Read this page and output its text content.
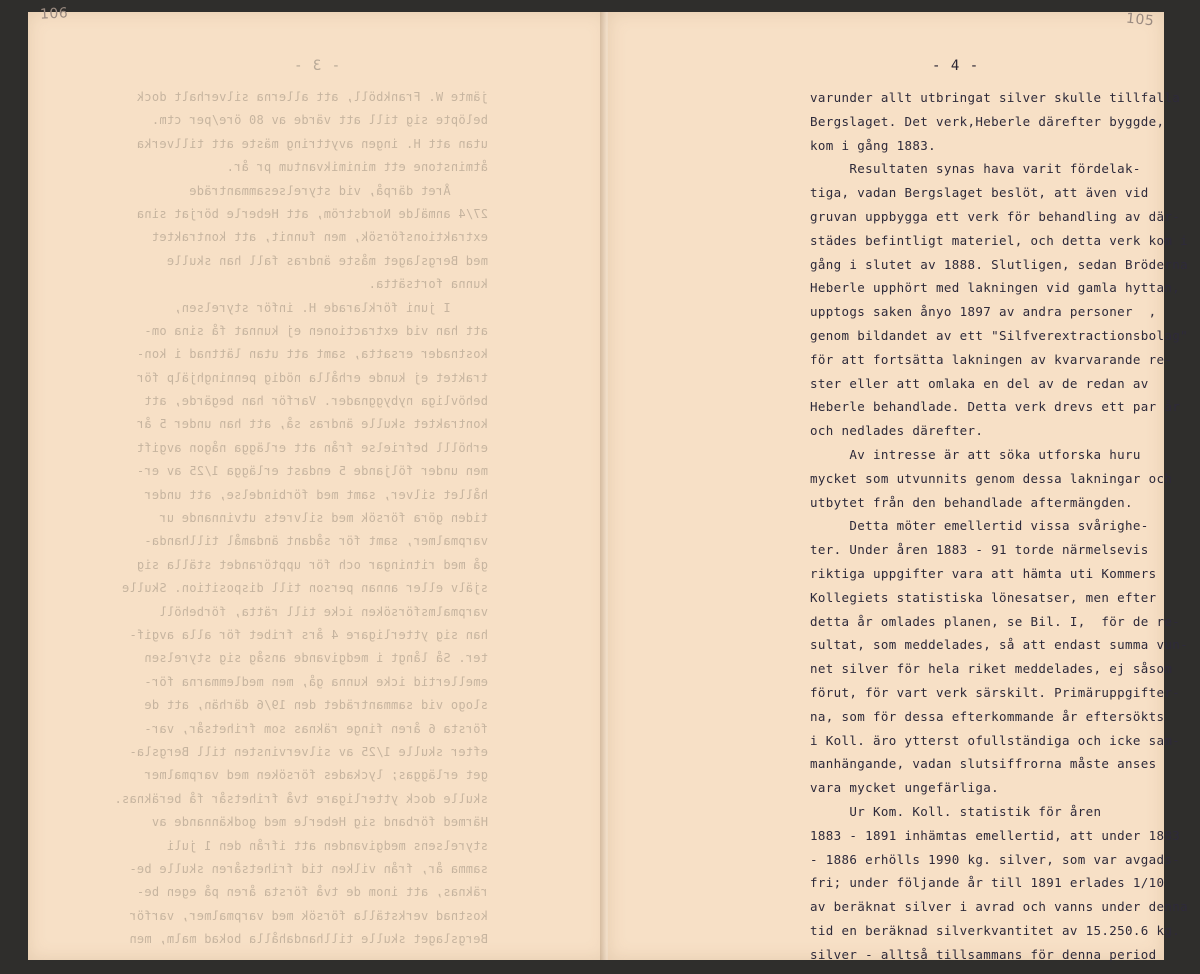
- 3 -
jämte W. Frankböll, att allerna silverhalt dock
belöpte sig till att värde av 80 öre/per ctm.
utan att H. ingen avyttring mäste att tillverka
åtminstone ett minimikvantum pr år.
Året därpå, vid styrelsesammanträde
27/4 anmälde Nordström, att Heberle börjat sina
extraktionsförsök, men funnit, att kontraktet
med Bergslaget måste ändras fall han skulle
kunna fortsätta.
I juni förklarade H. inför styrelsen,
att han vid extractionen ej kunnat få sina om-
kostnader ersatta, samt att utan lättnad i kon-
traktet ej kunde erhålla nödig penninghjälp för
behövliga nybyggnader. Varför han begärde, att
kontraktet skulle ändras så, att han under 5 år
erhölll befrielse från att erlägga någon avgift
men under följande 5 endast erlägga 1/25 av er-
hållet silver, samt med förbindelse, att under
tiden göra försök med silvrets utvinnande ur
varpmalmer, samt för sådant ändamål tillhanda-
gå med ritningar och för upptörandet ställa sig
själv eller annan person till disposition. Skulle
varpmalmsförsöken icke till rätta, förbehöll
han sig ytterligare 4 års fribet för alla avgif-
ter. Så långt i medgivande ansåg sig styrelsen
emellertid icke kunna gå, men medlemmarna för-
slogo vid sammanträdet den 19/6 därhän, att de
första 6 åren finge räknas som frihetsår, var-
efter skulle 1/25 av silvervinsten till Bergsla-
get erläggas; lyckades försöken med varpmalmer
skulle dock ytterligare två frihetsår få beräknas.
Härmed förband sig Heberle med godkännande av
styrelsens medgivanden att ifrån den 1 juli
samma år, från vilken tid frihetsåren skulle be-
räknas, att inom de två första åren på egen be-
kostnad verkställa försök med varpmalmer, varför
Bergslaget skulle tillhandahålla bokad malm, men
- 4 -
varunder allt utbringat silver skulle tillfalla
Bergslaget. Det verk,Heberle därefter byggde,
kom i gång 1883.
Resultaten synas hava varit fördelak-
tiga, vadan Bergslaget beslöt, att även vid
gruvan uppbygga ett verk för behandling av där-
städes befintligt materiel, och detta verk kom i
gång i slutet av 1888. Slutligen, sedan Bröderna
Heberle upphört med lakningen vid gamla hyttan,
upptogs saken ånyo 1897 av andra personer  ,
genom bildandet av ett "Silfverextractionsbolag"
för att fortsätta lakningen av kvarvarande re-
ster eller att omlaka en del av de redan av
Heberle behandlade. Detta verk drevs ett par år
och nedlades därefter.
Av intresse är att söka utforska huru
mycket som utvunnits genom dessa lakningar och
utbytet från den behandlade aftermängden.
Detta möter emellertid vissa svårighe-
ter. Under åren 1883 - 91 torde närmelsevis
riktiga uppgifter vara att hämta uti Kommers
Kollegiets statistiska lönesatser, men efter
detta år omlades planen, se Bil. I,  för de re-
sultat, som meddelades, så att endast summa vun-
net silver för hela riket meddelades, ej såsom
förut, för vart verk särskilt. Primäruppgifter-
na, som för dessa efterkommande år eftersökts
i Koll. äro ytterst ofullständiga och icke sam-
manhängande, vadan slutsiffrorna måste anses
vara mycket ungefärliga.
Ur Kom. Koll. statistik för åren
1883 - 1891 inhämtas emellertid, att under 1883
- 1886 erhölls 1990 kg. silver, som var avgads-
fri; under följande år till 1891 erlades 1/10
av beräknat silver i avrad och vanns under denna
tid en beräknad silverkvantitet av 15.250.6 kg.
silver - alltså tillsammans för denna period
106	105
